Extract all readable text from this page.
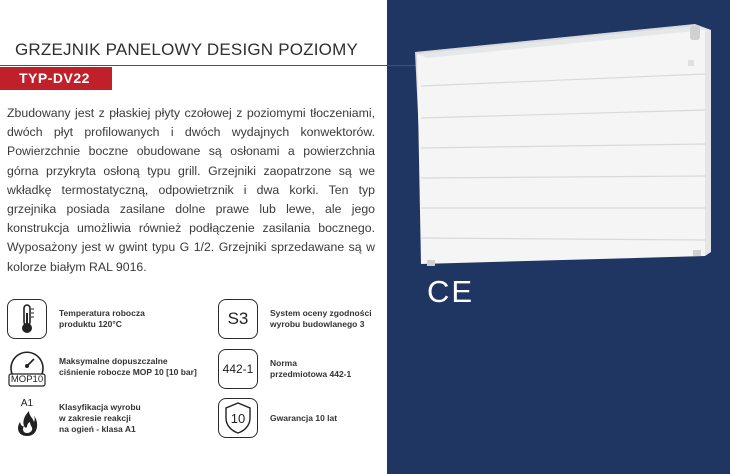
GRZEJNIK PANELOWY DESIGN POZIOMY
TYP-DV22
Zbudowany jest z płaskiej płyty czołowej z poziomymi tłoczeniami, dwóch płyt profilowanych i dwóch wydajnych konwektorów. Powierzchnie boczne obudowane są osłonami a powierzchnia górna przykryta osłoną typu grill. Grzejniki zaopatrzone są we wkładkę termostatyczną, odpowietrznik i dwa korki. Ten typ grzejnika posiada zasilane dolne prawe lub lewe, ale jego konstrukcja umożliwia również podłączenie zasilania bocznego. Wyposażony jest w gwint typu G 1/2. Grzejniki sprzedawane są w kolorze białym RAL 9016.
Temperatura robocza
produktu 120°C
MOP10
Maksymalne dopuszczalne
ciśnienie robocze MOP 10 [10 bar]
A1	Klasyfikacja wyrobu
w zakresie reakcji
na ogień - klasa A1
S3	System oceny zgodności
wyrobu budowlanego 3
442-1 Norma
przedmiotowa 442-1
10	Gwarancja 10 lat
CE
